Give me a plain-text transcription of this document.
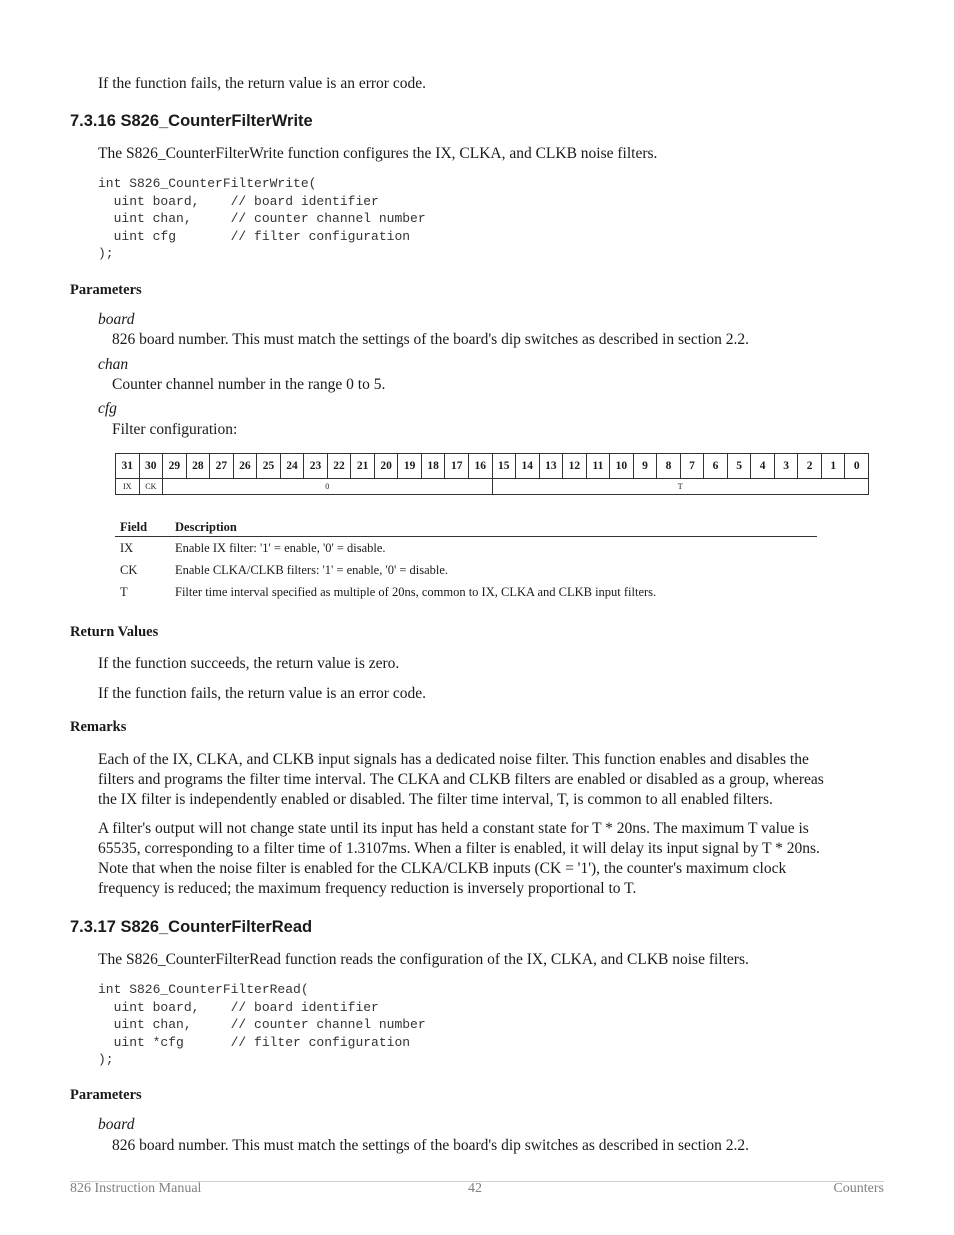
If the function fails, the return value is an error code.
7.3.16 S826_CounterFilterWrite
The S826_CounterFilterWrite function configures the IX, CLKA, and CLKB noise filters.
int S826_CounterFilterWrite(
uint board,    // board identifier
uint chan,     // counter channel number
uint cfg       // filter configuration
);
Parameters
board
826 board number. This must match the settings of the board's dip switches as described in section 2.2.
chan
Counter channel number in the range 0 to 5.
cfg
Filter configuration:
31	30	29	28	27	26	25	24	23	22	21	20	19	18	17	16	15	14	13	12	11	10	9	8	7	6	5	4	3	2	1	0
IX	CK	0														T															
Field	Description
IX	Enable IX filter: '1' = enable, '0' = disable.
CK	Enable CLKA/CLKB filters: '1' = enable, '0' = disable.
T	Filter time interval specified as multiple of 20ns, common to IX, CLKA and CLKB input filters.
Return Values
If the function succeeds, the return value is zero.
If the function fails, the return value is an error code.
Remarks
Each of the IX, CLKA, and CLKB input signals has a dedicated noise filter. This function enables and disables the
filters and programs the filter time interval. The CLKA and CLKB filters are enabled or disabled as a group, whereas
the IX filter is independently enabled or disabled. The filter time interval, T, is common to all enabled filters.
A filter's output will not change state until its input has held a constant state for T * 20ns. The maximum T value is
65535, corresponding to a filter time of 1.3107ms. When a filter is enabled, it will delay its input signal by T * 20ns.
Note that when the noise filter is enabled for the CLKA/CLKB inputs (CK = '1'), the counter's maximum clock
frequency is reduced; the maximum frequency reduction is inversely proportional to T.
7.3.17 S826_CounterFilterRead
The S826_CounterFilterRead function reads the configuration of the IX, CLKA, and CLKB noise filters.
int S826_CounterFilterRead(
uint board,    // board identifier
uint chan,     // counter channel number
uint *cfg      // filter configuration
);
Parameters
board
826 board number. This must match the settings of the board's dip switches as described in section 2.2.
826 Instruction Manual	42	Counters
